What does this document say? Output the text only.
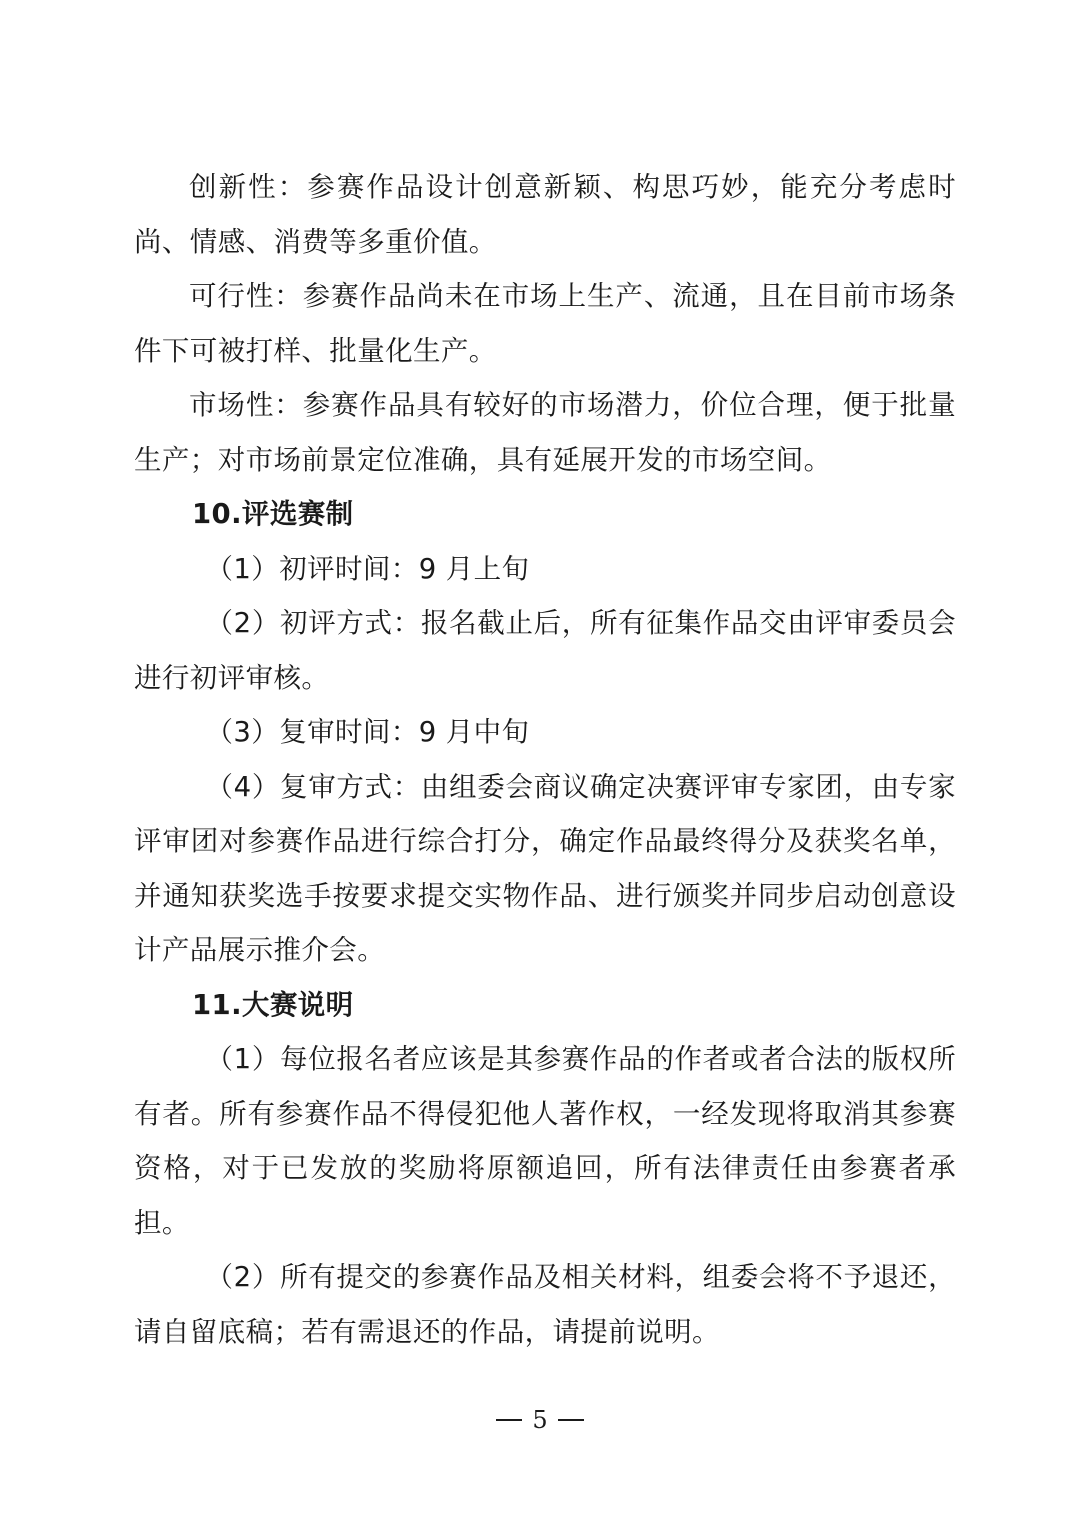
创新性：参赛作品设计创意新颖、构思巧妙，能充分考虑时尚、情感、消费等多重价值。

可行性：参赛作品尚未在市场上生产、流通，且在目前市场条件下可被打样、批量化生产。

市场性：参赛作品具有较好的市场潜力，价位合理，便于批量生产；对市场前景定位准确，具有延展开发的市场空间。

10.评选赛制

（1）初评时间：9 月上旬

（2）初评方式：报名截止后，所有征集作品交由评审委员会进行初评审核。

（3）复审时间：9 月中旬

（4）复审方式：由组委会商议确定决赛评审专家团，由专家评审团对参赛作品进行综合打分，确定作品最终得分及获奖名单，并通知获奖选手按要求提交实物作品、进行颁奖并同步启动创意设计产品展示推介会。

11.大赛说明

（1）每位报名者应该是其参赛作品的作者或者合法的版权所有者。所有参赛作品不得侵犯他人著作权，一经发现将取消其参赛资格，对于已发放的奖励将原额追回，所有法律责任由参赛者承担。

（2）所有提交的参赛作品及相关材料，组委会将不予退还，请自留底稿；若有需退还的作品，请提前说明。

5
